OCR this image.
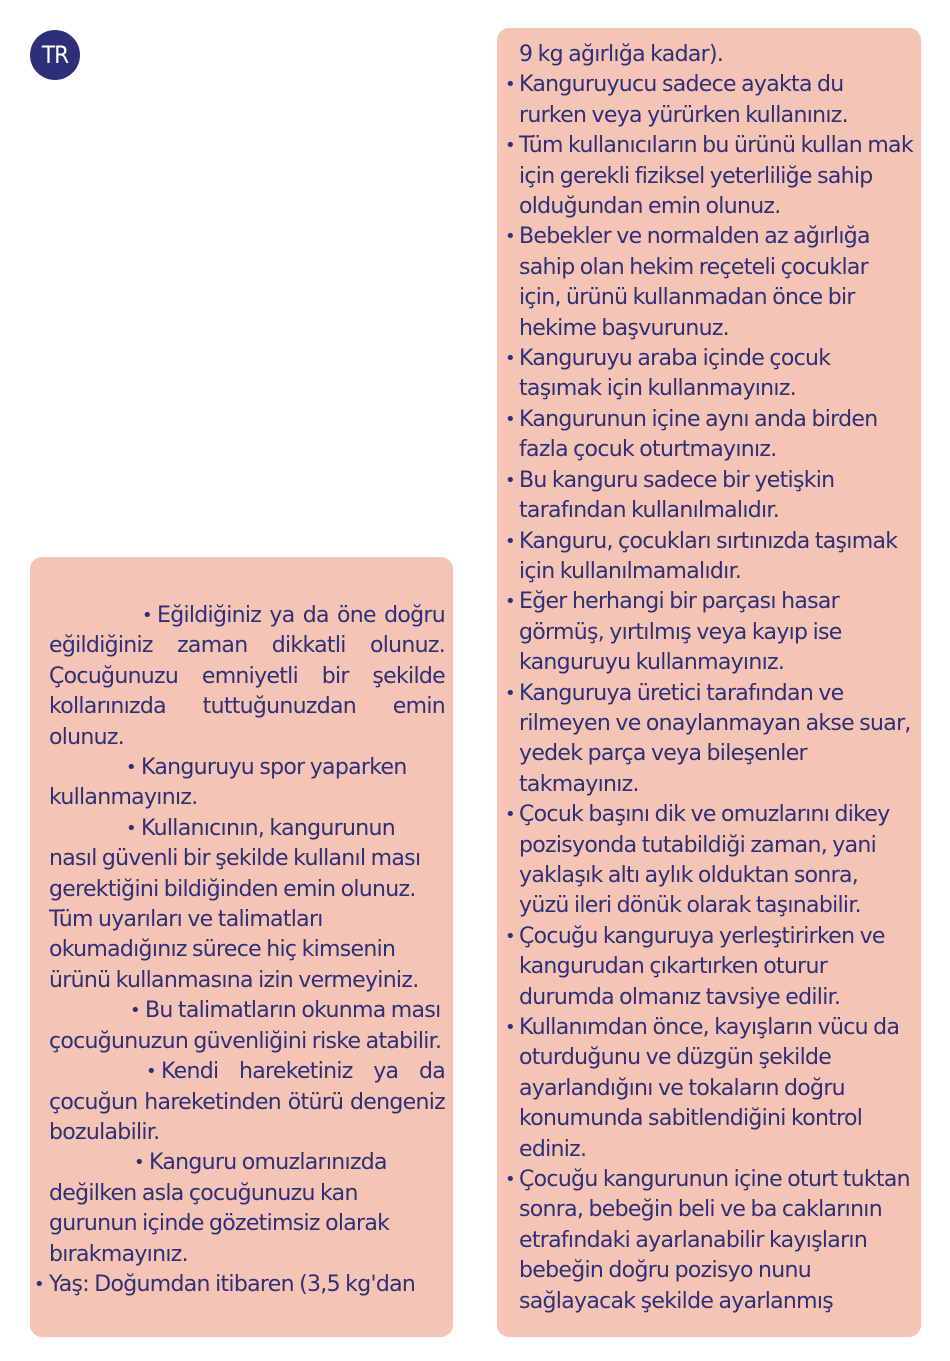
TR
• Eğildiğiniz ya da öne doğru eğildiğiniz zaman dikkatli olunuz. Çocuğunuzu emniyetli bir şekilde kollarınızda tuttuğunuzdan emin olunuz.
• Kanguruyu spor yaparken kullanmayınız.
• Kullanıcının, kangurunun nasıl güvenli bir şekilde kullanıl ması gerektiğini bildiğinden emin olunuz. Tüm uyarıları ve talimatları okumadığınız sürece hiç kimsenin ürünü kullanmasına izin vermeyiniz.
• Bu talimatların okunma ması çocuğunuzun güvenliğini riske atabilir.
• Kendi hareketiniz ya da çocuğun hareketinden ötürü dengeniz bozulabilir.
• Kanguru omuzlarınızda değilken asla çocuğunuzu kan gurunun içinde gözetimsiz olarak bırakmayınız.
• Yaş: Doğumdan itibaren (3,5 kg'dan
9 kg ağırlığa kadar).
• Kanguruyucu sadece ayakta du rurken veya yürürken kullanınız.
• Tüm kullanıcıların bu ürünü kullan mak için gerekli fiziksel yeterliliğe sahip olduğundan emin olunuz.
• Bebekler ve normalden az ağırlığa sahip olan hekim reçeteli çocuklar için, ürünü kullanmadan önce bir hekime başvurunuz.
• Kanguruyu araba içinde çocuk taşımak için kullanmayınız.
• Kangurunun içine aynı anda birden fazla çocuk oturtmayınız.
• Bu kanguru sadece bir yetişkin tarafından kullanılmalıdır.
• Kanguru, çocukları sırtınızda taşımak için kullanılmamalıdır.
• Eğer herhangi bir parçası hasar görmüş, yırtılmış veya kayıp ise kanguruyu kullanmayınız.
• Kanguruya üretici tarafından ve rilmeyen ve onaylanmayan akse suar, yedek parça veya bileşenler takmayınız.
• Çocuk başını dik ve omuzlarını dikey pozisyonda tutabildiği zaman, yani yaklaşık altı aylık olduktan sonra, yüzü ileri dönük olarak taşınabilir.
• Çocuğu kanguruya yerleştirirken ve kangurudan çıkartırken oturur durumda olmanız tavsiye edilir.
• Kullanımdan önce, kayışların vücu da oturduğunu ve düzgün şekilde ayarlandığını ve tokaların doğru konumunda sabitlendiğini kontrol ediniz.
• Çocuğu kangurunun içine oturt tuktan sonra, bebeğin beli ve ba caklarının etrafındaki ayarlanabilir kayışların bebeğin doğru pozisyo nunu sağlayacak şekilde ayarlanmış
